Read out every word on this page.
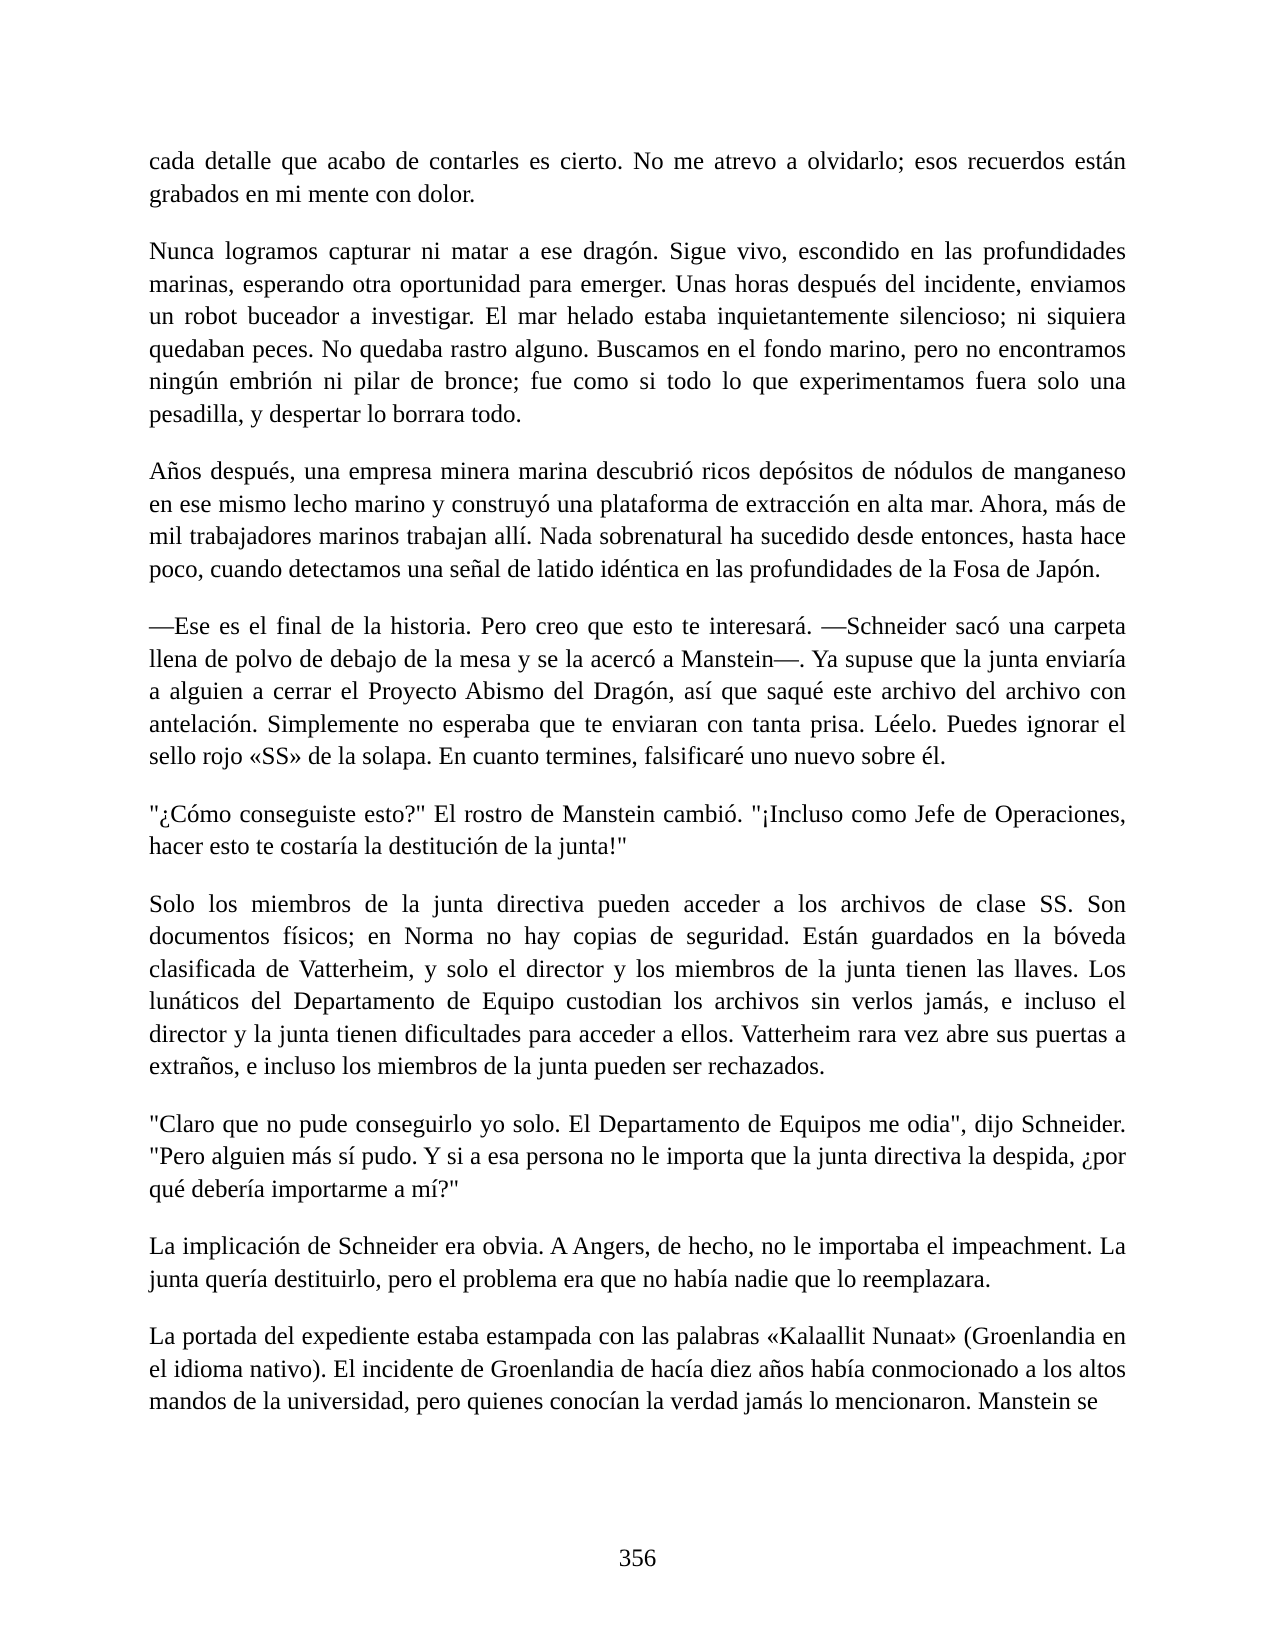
cada detalle que acabo de contarles es cierto. No me atrevo a olvidarlo; esos recuerdos están grabados en mi mente con dolor.

Nunca logramos capturar ni matar a ese dragón. Sigue vivo, escondido en las profundidades marinas, esperando otra oportunidad para emerger. Unas horas después del incidente, enviamos un robot buceador a investigar. El mar helado estaba inquietantemente silencioso; ni siquiera quedaban peces. No quedaba rastro alguno. Buscamos en el fondo marino, pero no encontramos ningún embrión ni pilar de bronce; fue como si todo lo que experimentamos fuera solo una pesadilla, y despertar lo borrara todo.

Años después, una empresa minera marina descubrió ricos depósitos de nódulos de manganeso en ese mismo lecho marino y construyó una plataforma de extracción en alta mar. Ahora, más de mil trabajadores marinos trabajan allí. Nada sobrenatural ha sucedido desde entonces, hasta hace poco, cuando detectamos una señal de latido idéntica en las profundidades de la Fosa de Japón.

—Ese es el final de la historia. Pero creo que esto te interesará. —Schneider sacó una carpeta llena de polvo de debajo de la mesa y se la acercó a Manstein—. Ya supuse que la junta enviaría a alguien a cerrar el Proyecto Abismo del Dragón, así que saqué este archivo del archivo con antelación. Simplemente no esperaba que te enviaran con tanta prisa. Léelo. Puedes ignorar el sello rojo «SS» de la solapa. En cuanto termines, falsificaré uno nuevo sobre él.

"¿Cómo conseguiste esto?" El rostro de Manstein cambió. "¡Incluso como Jefe de Operaciones, hacer esto te costaría la destitución de la junta!"

Solo los miembros de la junta directiva pueden acceder a los archivos de clase SS. Son documentos físicos; en Norma no hay copias de seguridad. Están guardados en la bóveda clasificada de Vatterheim, y solo el director y los miembros de la junta tienen las llaves. Los lunáticos del Departamento de Equipo custodian los archivos sin verlos jamás, e incluso el director y la junta tienen dificultades para acceder a ellos. Vatterheim rara vez abre sus puertas a extraños, e incluso los miembros de la junta pueden ser rechazados.

"Claro que no pude conseguirlo yo solo. El Departamento de Equipos me odia", dijo Schneider. "Pero alguien más sí pudo. Y si a esa persona no le importa que la junta directiva la despida, ¿por qué debería importarme a mí?"

La implicación de Schneider era obvia. A Angers, de hecho, no le importaba el impeachment. La junta quería destituirlo, pero el problema era que no había nadie que lo reemplazara.

La portada del expediente estaba estampada con las palabras «Kalaallit Nunaat» (Groenlandia en el idioma nativo). El incidente de Groenlandia de hacía diez años había conmocionado a los altos mandos de la universidad, pero quienes conocían la verdad jamás lo mencionaron. Manstein se

356
